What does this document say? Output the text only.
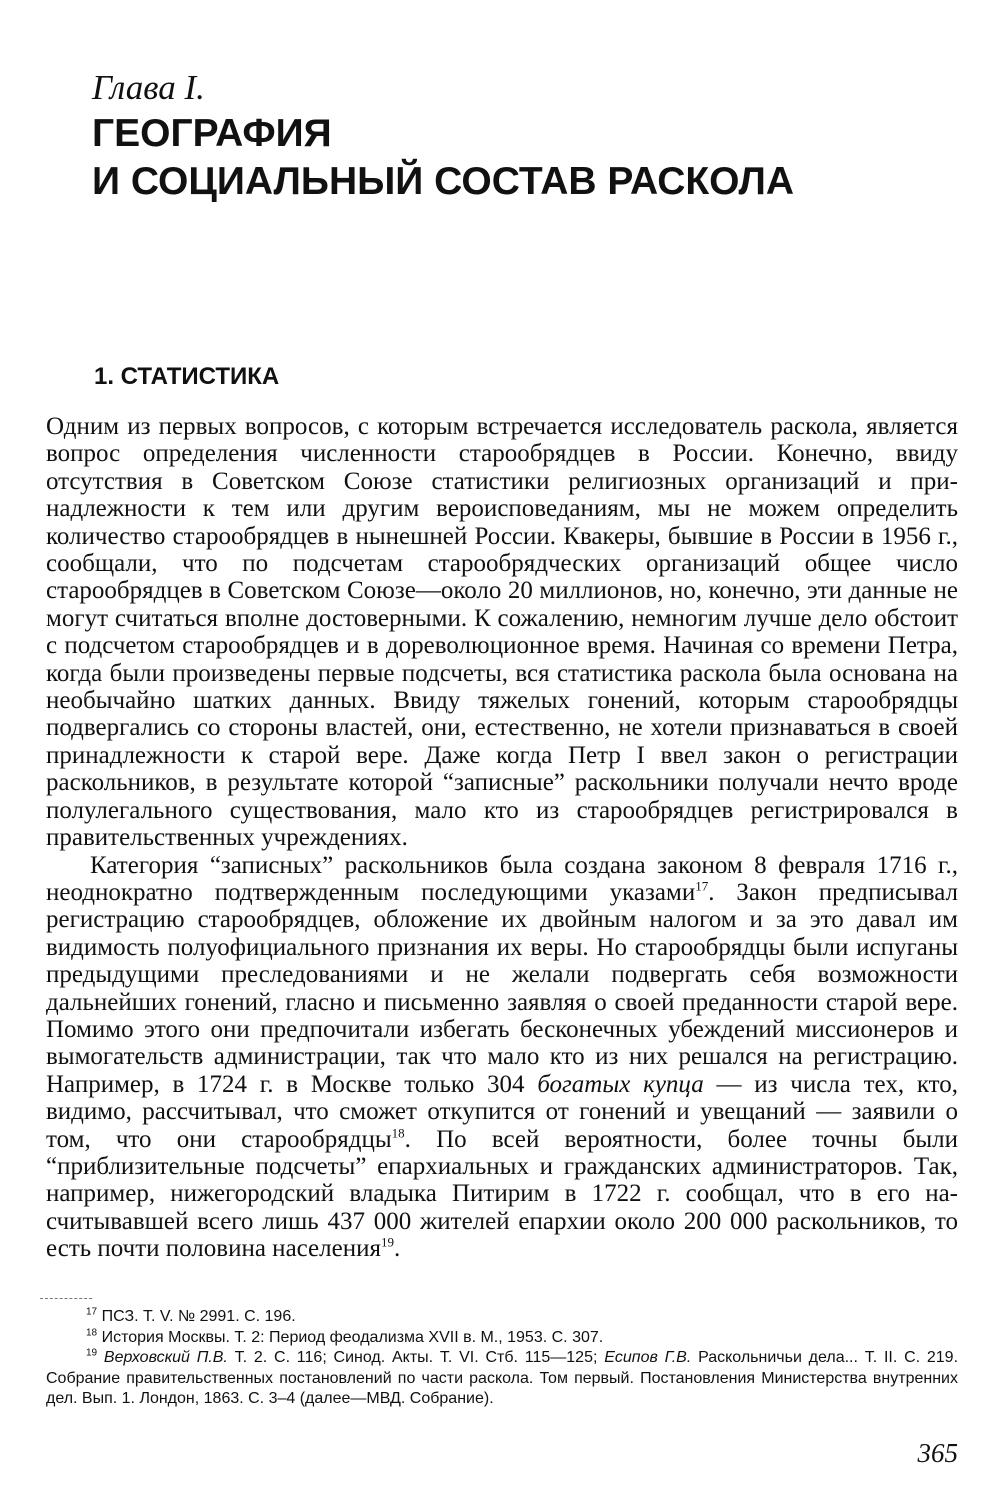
Глава I.

ГЕОГРАФИЯ
И СОЦИАЛЬНЫЙ СОСТАВ РАСКОЛА
1. СТАТИСТИКА

Одним из первых вопросов, с которым встречается исследователь раскола, является вопрос определения численности старообрядцев в России. Конечно, ввиду отсутствия в Советском Союзе статистики религиозных организаций и принадлежности к тем или другим вероисповеданиям, мы не можем определить количество старообрядцев в нынешней России. Квакеры, бывшие в России в 1956 г., сообщали, что по подсчетам старообрядческих организаций общее число старообрядцев в Советском Союзе—около 20 миллионов, но, конечно, эти данные не могут считаться вполне достоверными. К сожалению, немногим лучше дело обстоит с подсчетом старообрядцев и в дореволюционное время. Начиная со времени Петра, когда были произведены первые подсчеты, вся статистика раскола была основана на необычайно шатких данных. Ввиду тяжелых гонений, которым старообрядцы подвергались со стороны властей, они, естественно, не хотели признаваться в своей принадлежности к старой вере. Даже когда Петр I ввел закон о регистрации раскольников, в результате которой “записные” раскольники получали нечто вроде полулегального существования, мало кто из старообрядцев регистрировался в правительственных учреждениях.

Категория “записных” раскольников была создана законом 8 февраля 1716 г., неоднократно подтвержденным последующими указами$^{17}$. Закон предписывал регистрацию старообрядцев, обложение их двойным налогом и за это давал им видимость полуофициального признания их веры. Но старообрядцы были испуганы предыдущими преследованиями и не желали подвергать себя возможности дальнейших гонений, гласно и письменно заявляя о своей преданности старой вере. Помимо этого они предпочитали избегать бесконечных убеждений миссионеров и вымогательств администрации, так что мало кто из них решался на регистрацию. Например, в 1724 г. в Москве только 304 богатых купца — из числа тех, кто, видимо, рассчитывал, что сможет откупится от гонений и увещаний — заявили о том, что они старообрядцы$^{18}$. По всей вероятности, более точны были “приблизительные подсчеты” епархиальных и гражданских администраторов. Так, например, нижегородский владыка Питирим в 1722 г. сообщал, что в его насчитывавшей всего лишь 437 000 жителей епархии около 200 000 раскольников, то есть почти половина населения$^{19}$.

$^{17}$ ПСЗ. Т. V. № 2991. С. 196.

$^{18}$ История Москвы. Т. 2: Период феодализма XVII в. М., 1953. С. 307.

$^{19}$ Верховский П.В. Т. 2. С. 116; Синод. Акты. Т. VI. Стб. 115—125; Есипов Г.В. Раскольничьи дела... Т. II. С. 219. Собрание правительственных постановлений по части раскола. Том первый. Постановления Министерства внутренних дел. Вып. 1. Лондон, 1863. С. 3–4 (далее—МВД. Собрание).

365
